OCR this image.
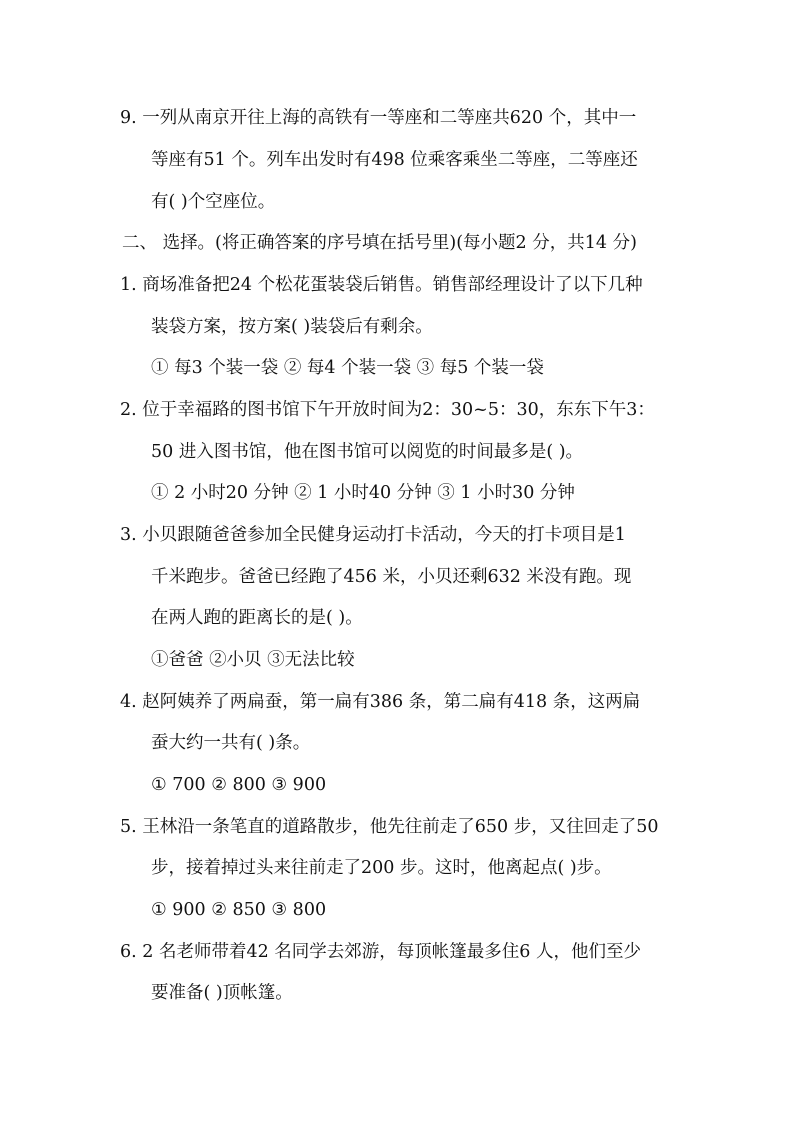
9. 一列从南京开往上海的高铁有一等座和二等座共620 个，其中一
等座有51 个。列车出发时有498 位乘客乘坐二等座，二等座还
有( )个空座位。
二、 选择。(将正确答案的序号填在括号里)(每小题2 分，共14 分)
1. 商场准备把24 个松花蛋装袋后销售。销售部经理设计了以下几种
装袋方案，按方案( )装袋后有剩余。
① 每3 个装一袋 ② 每4 个装一袋 ③ 每5 个装一袋
2. 位于幸福路的图书馆下午开放时间为2：30~5：30，东东下午3：
50 进入图书馆，他在图书馆可以阅览的时间最多是( )。
① 2 小时20 分钟 ② 1 小时40 分钟 ③ 1 小时30 分钟
3. 小贝跟随爸爸参加全民健身运动打卡活动，今天的打卡项目是1
千米跑步。爸爸已经跑了456 米，小贝还剩632 米没有跑。现
在两人跑的距离长的是( )。
①爸爸 ②小贝 ③无法比较
4. 赵阿姨养了两扁蚕，第一扁有386 条，第二扁有418 条，这两扁
蚕大约一共有( )条。
① 700 ② 800 ③ 900
5. 王林沿一条笔直的道路散步，他先往前走了650 步，又往回走了50
步，接着掉过头来往前走了200 步。这时，他离起点( )步。
① 900 ② 850 ③ 800
6. 2 名老师带着42 名同学去郊游，每顶帐篷最多住6 人，他们至少
要准备( )顶帐篷。
